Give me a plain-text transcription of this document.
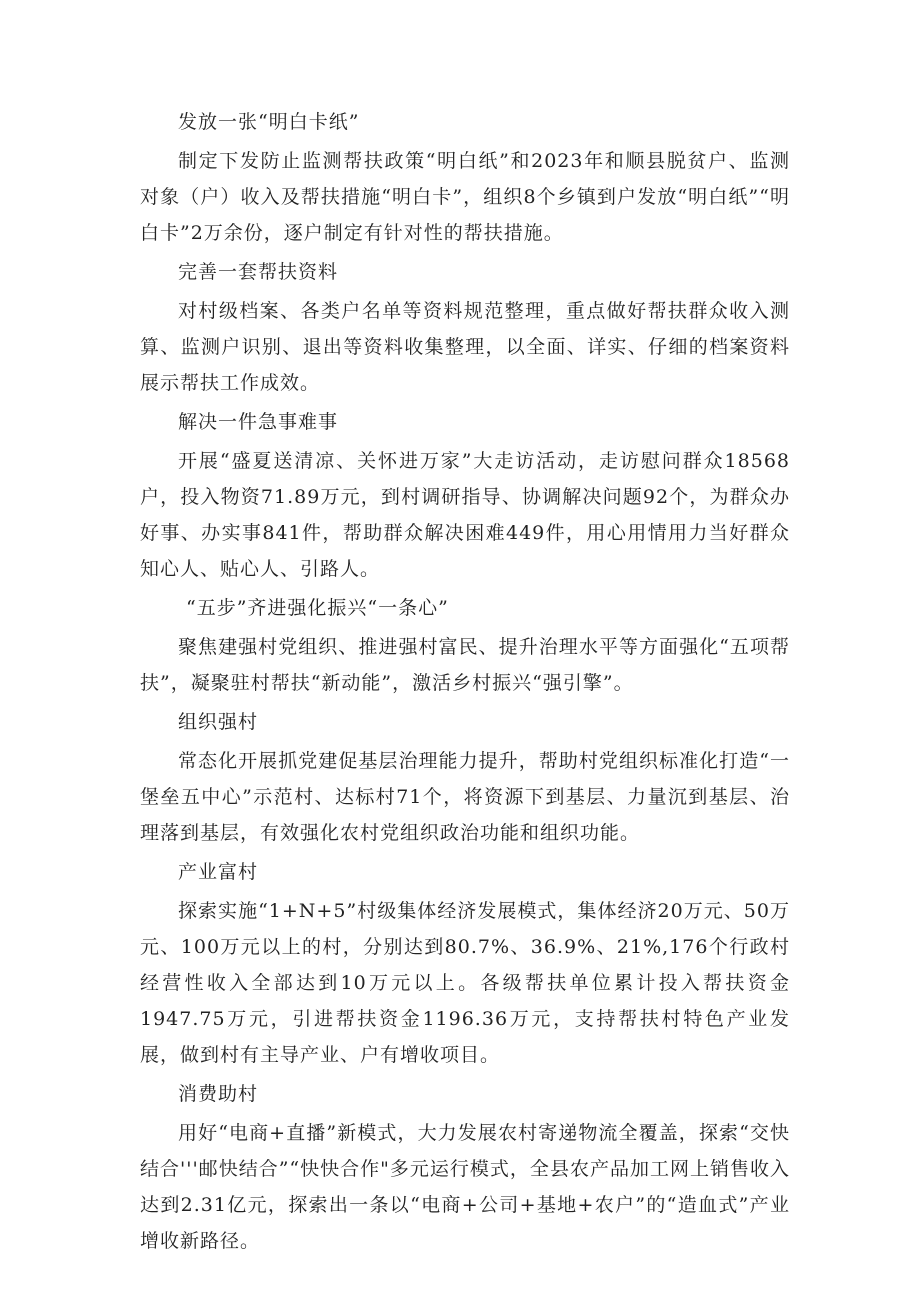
发放一张“明白卡纸”

制定下发防止监测帮扶政策“明白纸”和2023年和顺县脱贫户、监测对象（户）收入及帮扶措施“明白卡”，组织8个乡镇到户发放“明白纸”“明白卡”2万余份，逐户制定有针对性的帮扶措施。

完善一套帮扶资料

对村级档案、各类户名单等资料规范整理，重点做好帮扶群众收入测算、监测户识别、退出等资料收集整理，以全面、详实、仔细的档案资料展示帮扶工作成效。

解决一件急事难事

开展“盛夏送清凉、关怀进万家”大走访活动，走访慰问群众18568户，投入物资71.89万元，到村调研指导、协调解决问题92个，为群众办好事、办实事841件，帮助群众解决困难449件，用心用情用力当好群众知心人、贴心人、引路人。

“五步”齐进强化振兴“一条心”

聚焦建强村党组织、推进强村富民、提升治理水平等方面强化“五项帮扶”，凝聚驻村帮扶“新动能”，激活乡村振兴“强引擎”。

组织强村

常态化开展抓党建促基层治理能力提升，帮助村党组织标准化打造“一堡垒五中心”示范村、达标村71个，将资源下到基层、力量沉到基层、治理落到基层，有效强化农村党组织政治功能和组织功能。

产业富村

探索实施“1+N+5”村级集体经济发展模式，集体经济20万元、50万元、100万元以上的村，分别达到80.7%、36.9%、21%,176个行政村经营性收入全部达到10万元以上。各级帮扶单位累计投入帮扶资金1947.75万元，引进帮扶资金1196.36万元，支持帮扶村特色产业发展，做到村有主导产业、户有增收项目。

消费助村

用好“电商+直播”新模式，大力发展农村寄递物流全覆盖，探索“交快结合'''邮快结合”“快快合作"多元运行模式，全县农产品加工网上销售收入达到2.31亿元，探索出一条以“电商+公司+基地+农户”的“造血式”产业增收新路径。
